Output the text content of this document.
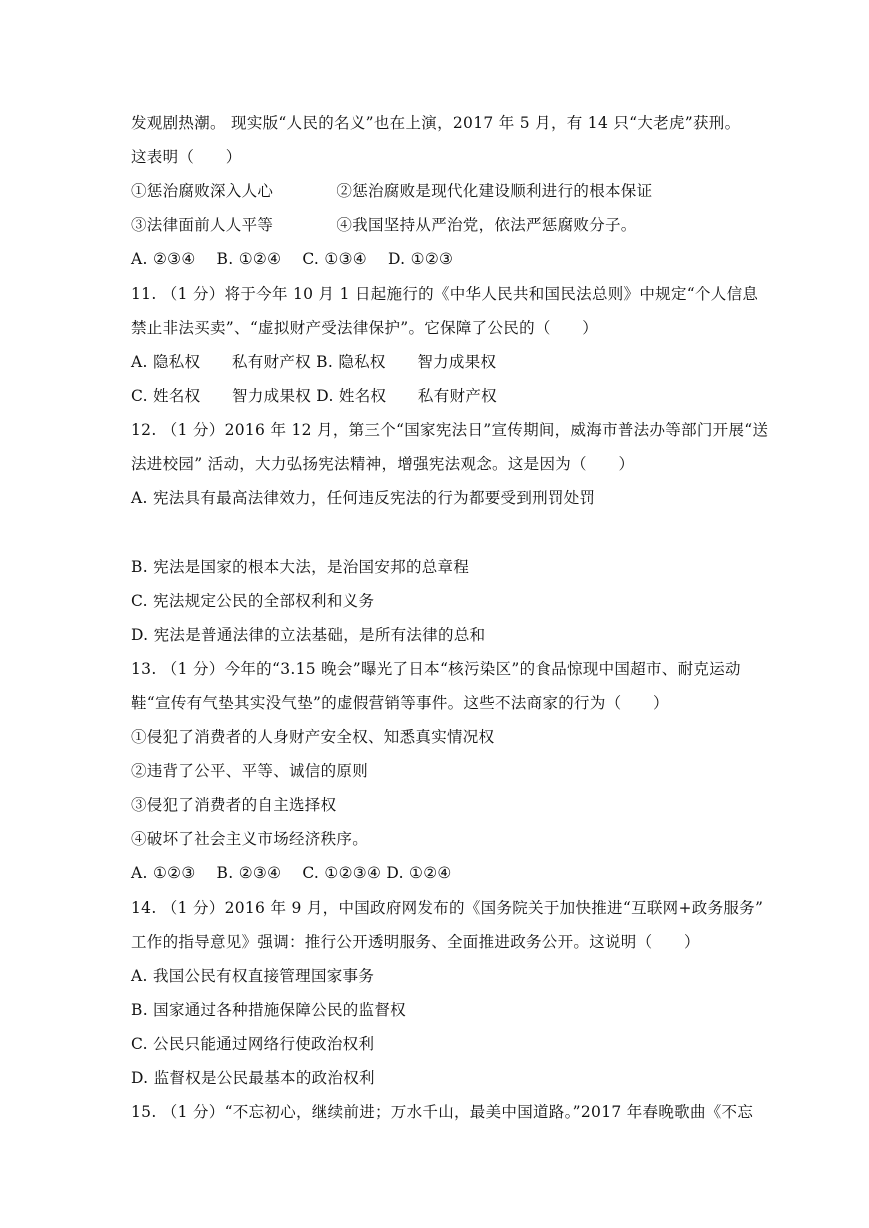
发观剧热潮。 现实版“人民的名义”也在上演，2017 年 5 月，有 14 只“大老虎”获刑。
这表明（　　）
①惩治腐败深入人心　　　　②惩治腐败是现代化建设顺利进行的根本保证
③法律面前人人平等　　　　④我国坚持从严治党，依法严惩腐败分子。
A. ②③④　 B. ①②④　 C. ①③④　 D. ①②③
11. （1 分）将于今年 10 月 1 日起施行的《中华人民共和国民法总则》中规定“个人信息
禁止非法买卖”、“虚拟财产受法律保护”。它保障了公民的（　　）
A. 隐私权　　私有财产权 B. 隐私权　　智力成果权
C. 姓名权　　智力成果权 D. 姓名权　　私有财产权
12. （1 分）2016 年 12 月，第三个“国家宪法日”宣传期间，威海市普法办等部门开展“送
法进校园” 活动，大力弘扬宪法精神，增强宪法观念。这是因为（　　）
A. 宪法具有最高法律效力，任何违反宪法的行为都要受到刑罚处罚
B. 宪法是国家的根本大法，是治国安邦的总章程
C. 宪法规定公民的全部权利和义务
D. 宪法是普通法律的立法基础，是所有法律的总和
13. （1 分）今年的“3.15 晚会”曝光了日本“核污染区”的食品惊现中国超市、耐克运动
鞋“宣传有气垫其实没气垫”的虚假营销等事件。这些不法商家的行为（　　）
①侵犯了消费者的人身财产安全权、知悉真实情况权
②违背了公平、平等、诚信的原则
③侵犯了消费者的自主选择权
④破坏了社会主义市场经济秩序。
A. ①②③　 B. ②③④　 C. ①②③④ D. ①②④
14. （1 分）2016 年 9 月，中国政府网发布的《国务院关于加快推进“互联网+政务服务”
工作的指导意见》强调：推行公开透明服务、全面推进政务公开。这说明（　　）
A. 我国公民有权直接管理国家事务
B. 国家通过各种措施保障公民的监督权
C. 公民只能通过网络行使政治权利
D. 监督权是公民最基本的政治权利
15. （1 分）“不忘初心，继续前进；万水千山，最美中国道路。”2017 年春晚歌曲《不忘
